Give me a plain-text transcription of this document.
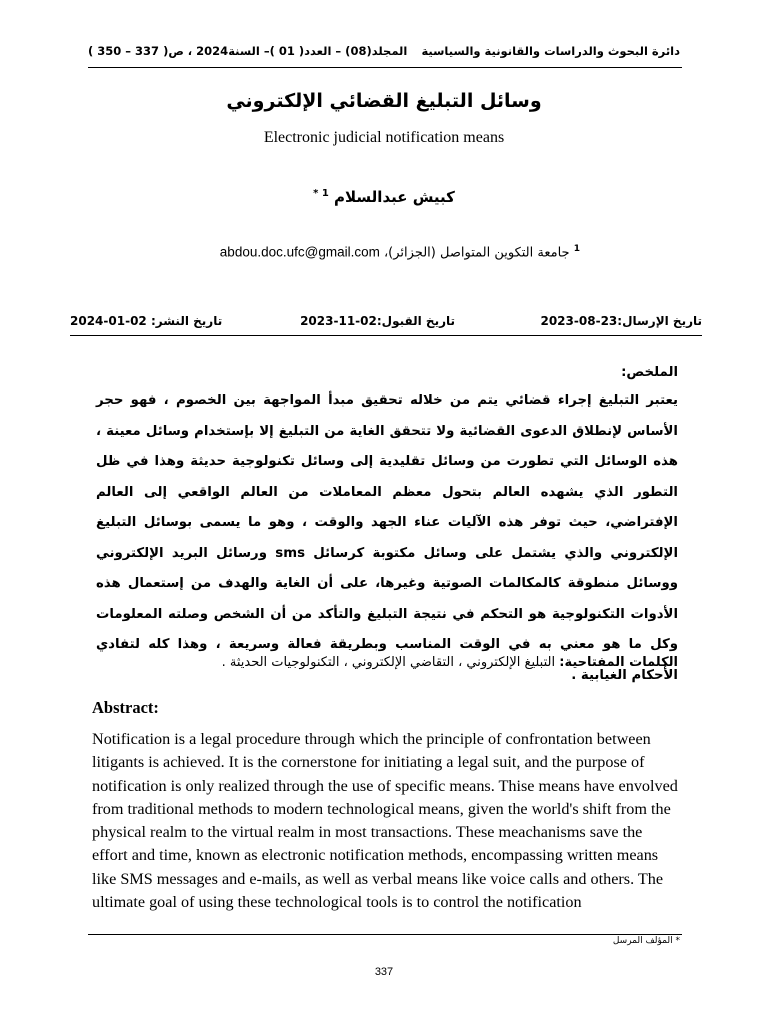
دائرة البحوث والدراسات والقانونية والسياسية
المجلد(08) – العدد( 01 )– السنة2024 ، ص( 337 – 350 )
وسائل التبليغ القضائي الإلكتروني
Electronic judicial notification means
كبيش عبدالسلام $^{1 *}$
$^1$ جامعة التكوين المتواصل (الجزائر)، abdou.doc.ufc@gmail.com
تاريخ الإرسال:23-08-2023
تاريخ القبول:02-11-2023
تاريخ النشر: 02-01-2024
الملخص:

يعتبر التبليغ إجراء قضائي يتم من خلاله تحقيق مبدأ المواجهة بين الخصوم ، فهو حجر الأساس لإنطلاق الدعوى القضائية ولا تتحقق الغاية من التبليغ إلا بإستخدام وسائل معينة ، هذه الوسائل التي تطورت من وسائل تقليدية إلى وسائل تكنولوجية حديثة وهذا في ظل التطور الذي يشهده العالم بتحول معظم المعاملات من العالم الواقعي إلى العالم الإفتراضي، حيث توفر هذه الآليات عناء الجهد والوقت ، وهو ما يسمى بوسائل التبليغ الإلكتروني والذي يشتمل على وسائل مكتوبة كرسائل sms ورسائل البريد الإلكتروني ووسائل منطوقة كالمكالمات الصوتية وغيرها، على أن الغاية والهدف من إستعمال هذه الأدوات التكنولوجية هو التحكم في نتيجة التبليغ والتأكد من أن الشخص وصلته المعلومات وكل ما هو معني به في الوقت المناسب وبطريقة فعالة وسريعة ، وهذا كله لتفادي الأحكام الغيابية .

الكلمات المفتاحية: التبليغ الإلكتروني ، التقاضي الإلكتروني ، التكنولوجيات الحديثة .
Abstract:
Notification is a legal procedure through which the principle of confrontation between litigants is achieved. It is the cornerstone for initiating a legal suit, and the purpose of notification is only realized through the use of specific means. Thise means have envolved from traditional methods to modern technological means, given the world's shift from the physical realm to the virtual realm in most transactions. These meachanisms save the effort and time, known as electronic notification methods, encompassing written means like SMS messages and e-mails, as well as verbal means like voice calls and others. The ultimate goal of using these technological tools is to control the notification
* المؤلف المرسل
337
